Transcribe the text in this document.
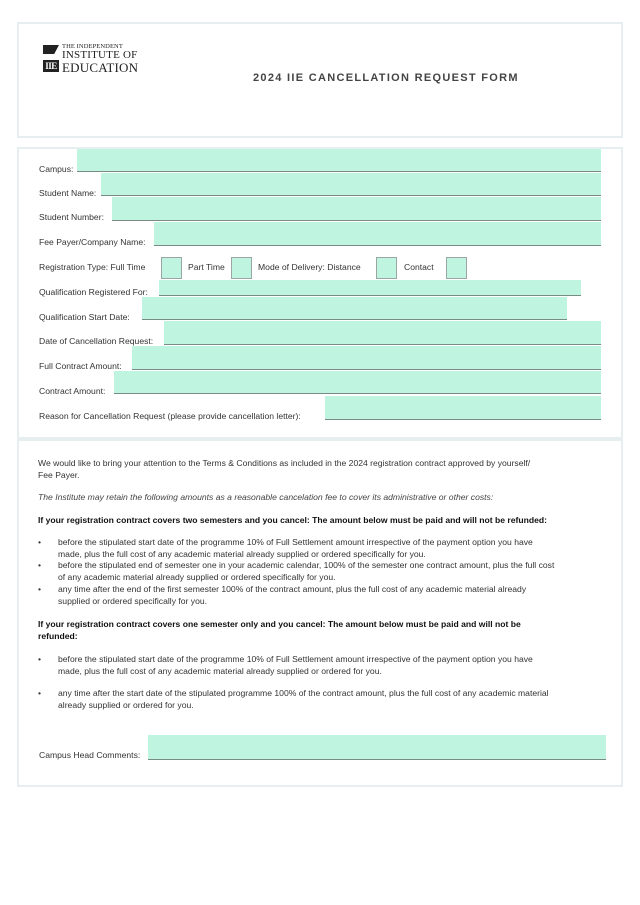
IIE
THE INDEPENDENT
INSTITUTE OF
EDUCATION
2024 IIE CANCELLATION REQUEST FORM
Campus:
Student Name:
Student Number:
Fee Payer/Company Name:
Registration Type: Full Time	Part Time	Mode of Delivery: Distance	Contact
Qualification Registered For:
Qualification Start Date:
Date of Cancellation Request:
Full Contract Amount:
Contract Amount:
Reason for Cancellation Request (please provide cancellation letter):
We would like to bring your attention to the Terms & Conditions as included in the 2024 registration contract approved by yourself/
Fee Payer.
The Institute may retain the following amounts as a reasonable cancelation fee to cover its administrative or other costs:
If your registration contract covers two semesters and you cancel: The amount below must be paid and will not be refunded:
• before the stipulated start date of the programme 10% of Full Settlement amount irrespective of the payment option you have
made, plus the full cost of any academic material already supplied or ordered specifically for you.
• before the stipulated end of semester one in your academic calendar, 100% of the semester one contract amount, plus the full cost
of any academic material already supplied or ordered specifically for you.
• any time after the end of the first semester 100% of the contract amount, plus the full cost of any academic material already
supplied or ordered specifically for you.
If your registration contract covers one semester only and you cancel: The amount below must be paid and will not be
refunded:
• before the stipulated start date of the programme 10% of Full Settlement amount irrespective of the payment option you have
made, plus the full cost of any academic material already supplied or ordered for you.
• any time after the start date of the stipulated programme 100% of the contract amount, plus the full cost of any academic material
already supplied or ordered for you.
Campus Head Comments:
